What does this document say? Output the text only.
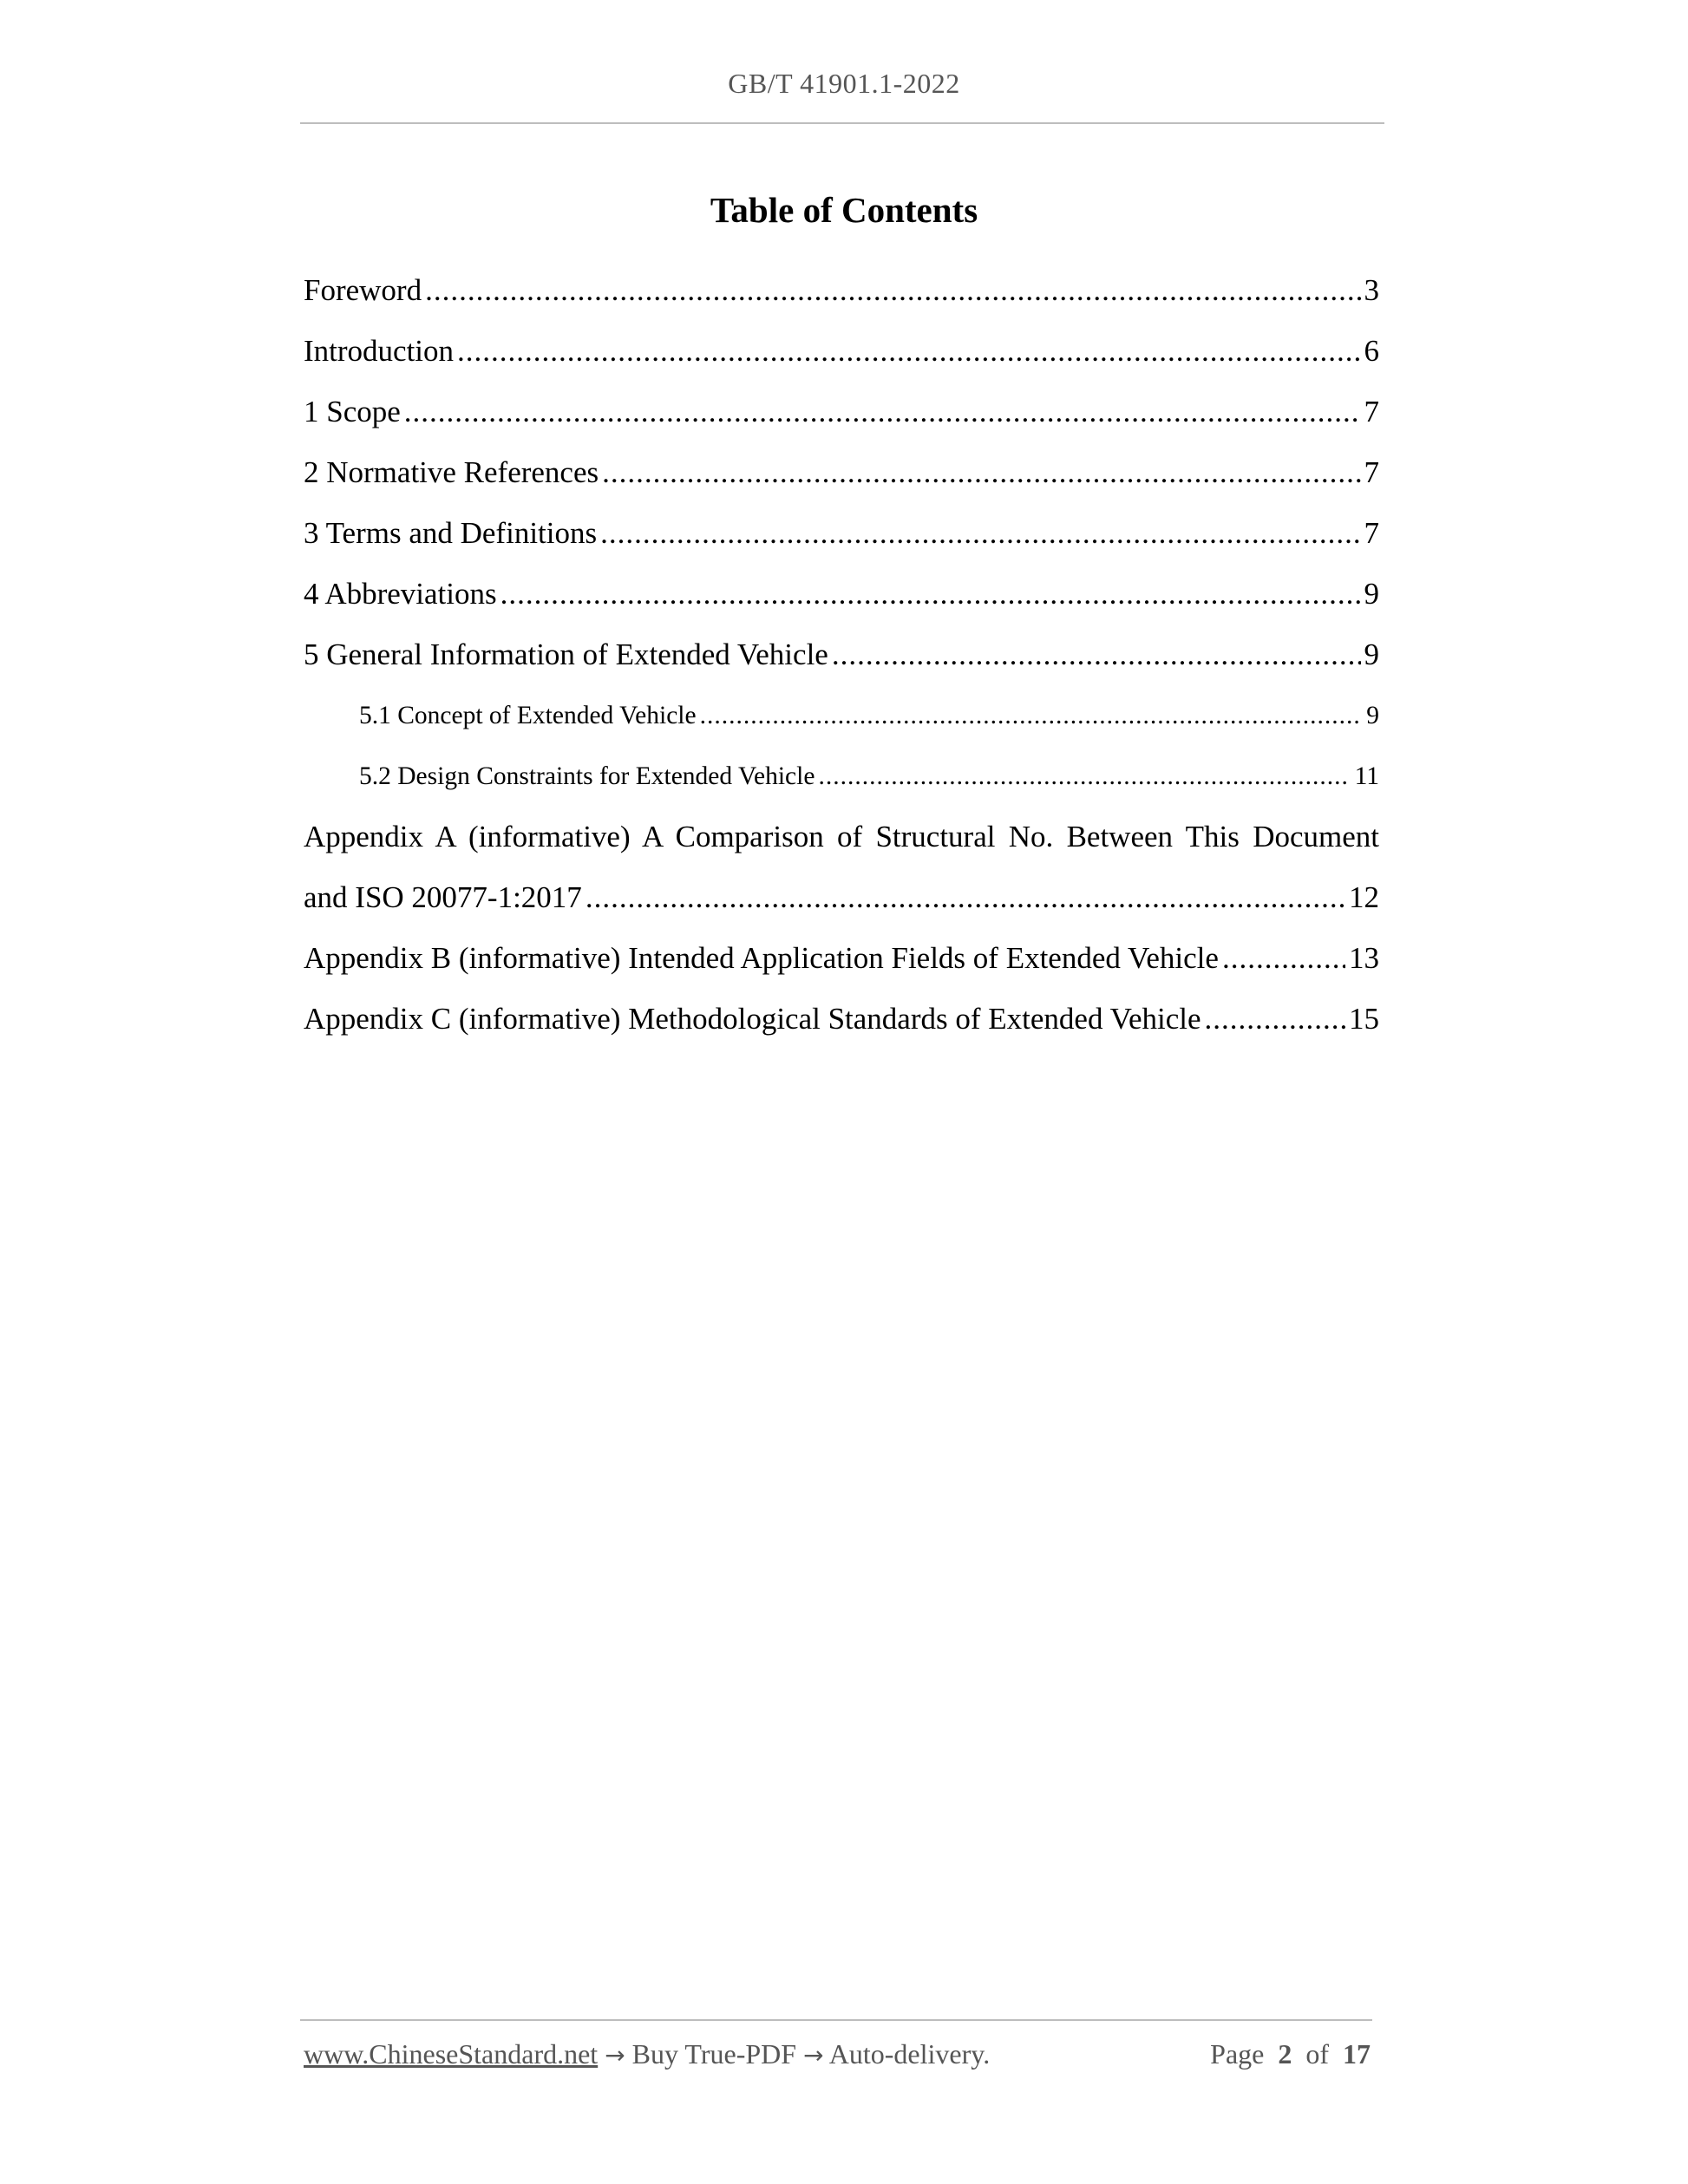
GB/T 41901.1-2022
Table of Contents
Foreword .....	3
Introduction .....	6
1 Scope .....	7
2 Normative References .....	7
3 Terms and Definitions .....	7
4 Abbreviations .....	9
5 General Information of Extended Vehicle .....	9
5.1 Concept of Extended Vehicle .....	9
5.2 Design Constraints for Extended Vehicle .....	11
Appendix A (informative) A Comparison of Structural No. Between This Document
and ISO 20077-1:2017 .....	12
Appendix B (informative) Intended Application Fields of Extended Vehicle .....	13
Appendix C (informative) Methodological Standards of Extended Vehicle .....	15
www.ChineseStandard.net → Buy True-PDF → Auto-delivery.	Page 2 of 17
